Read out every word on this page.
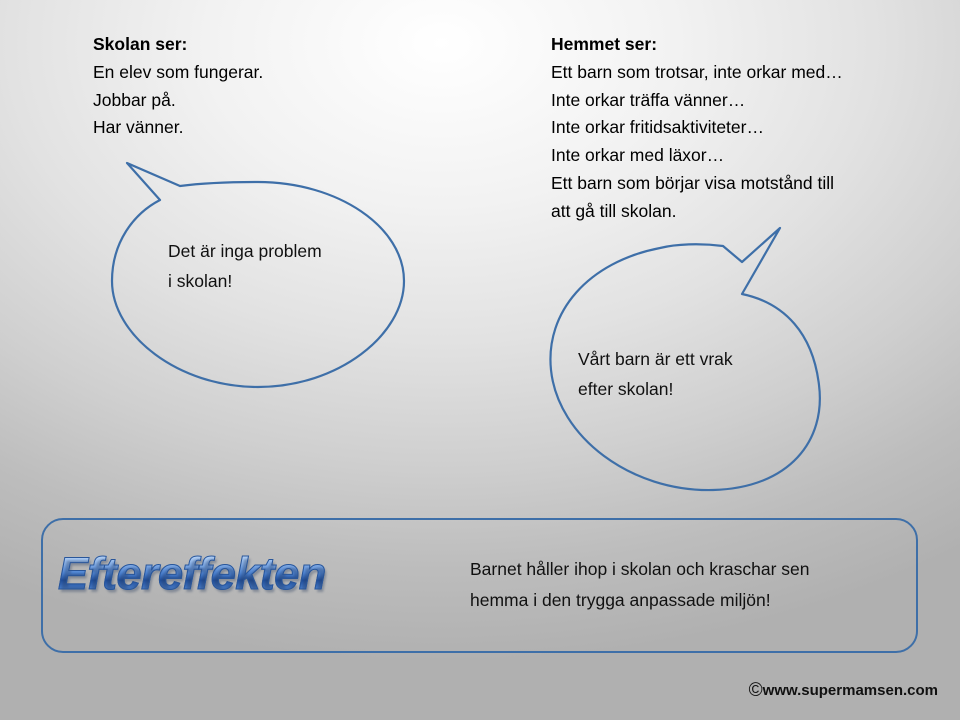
Skolan ser:
En elev som fungerar.
Jobbar på.
Har vänner.
Hemmet ser:
Ett barn som trotsar, inte orkar med…
Inte orkar träffa vänner…
Inte orkar fritidsaktiviteter…
Inte orkar med läxor…
Ett barn som börjar visa motstånd till
att gå till skolan.
Det är inga problem
i skolan!
Vårt barn är ett vrak
efter skolan!
Eftereffekten	Barnet håller ihop i skolan och kraschar sen
hemma i den trygga anpassade miljön!
©www.supermamsen.com
